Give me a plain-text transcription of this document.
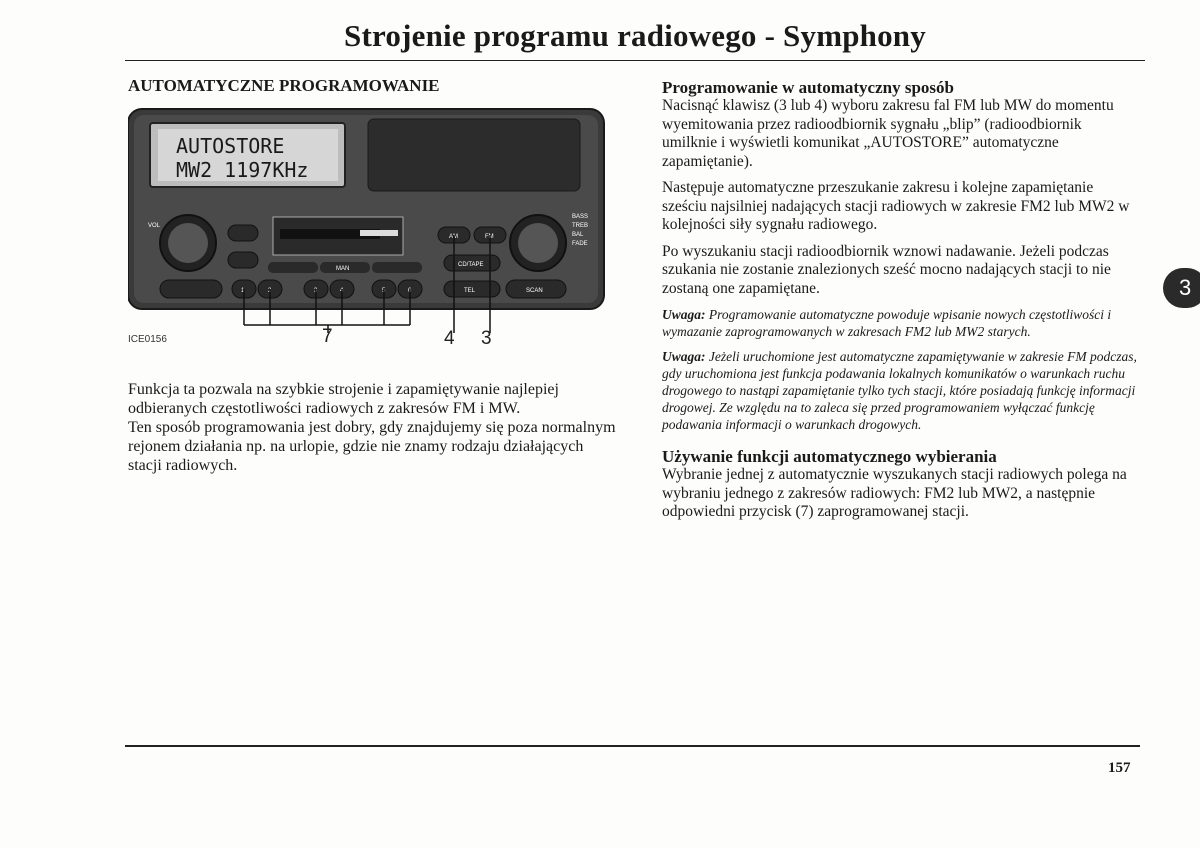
Strojenie programu radiowego - Symphony
AUTOMATYCZNE PROGRAMOWANIE
AUTOSTORE
MW2 1197KHz
VOL
MAN
AM	FM
CD/TAPE
TEL
BASS
TREB
BAL
FADE
SCAN
1	2	3	4	5	6
ICE0156	7	4 3

Funkcja ta pozwala na szybkie strojenie i zapamiętywanie najlepiej odbieranych częstotliwości radiowych z zakresów FM i MW.

Ten sposób programowania jest dobry, gdy znajdujemy się poza normalnym rejonem działania np. na urlopie, gdzie nie znamy rodzaju działających stacji radiowych.

Programowanie w automatyczny sposób

Nacisnąć klawisz (3 lub 4) wyboru zakresu fal FM lub MW do momentu wyemitowania przez radioodbiornik sygnału „blip” (radioodbiornik umilknie i wyświetli komunikat „AUTOSTORE” automatyczne zapamiętanie).

Następuje automatyczne przeszukanie zakresu i kolejne zapamiętanie sześciu najsilniej nadających stacji radiowych w zakresie FM2 lub MW2 w kolejności siły sygnału radiowego.

Po wyszukaniu stacji radioodbiornik wznowi nadawanie. Jeżeli podczas szukania nie zostanie znalezionych sześć mocno nadających stacji to nie zostaną one zapamiętane.

Uwaga: Programowanie automatyczne powoduje wpisanie nowych częstotliwości i wymazanie zaprogramowanych w zakresach FM2 lub MW2 starych.

Uwaga: Jeżeli uruchomione jest automatyczne zapamiętywanie w zakresie FM podczas, gdy uruchomiona jest funkcja podawania lokalnych komunikatów o warunkach ruchu drogowego to nastąpi zapamiętanie tylko tych stacji, które posiadają funkcję informacji drogowej. Ze względu na to zaleca się przed programowaniem wyłączać funkcję podawania informacji o warunkach drogowych.

Używanie funkcji automatycznego wybierania

Wybranie jednej z automatycznie wyszukanych stacji radiowych polega na wybraniu jednego z zakresów radiowych: FM2 lub MW2, a następnie odpowiedni przycisk (7) zaprogramowanej stacji.

3
157
